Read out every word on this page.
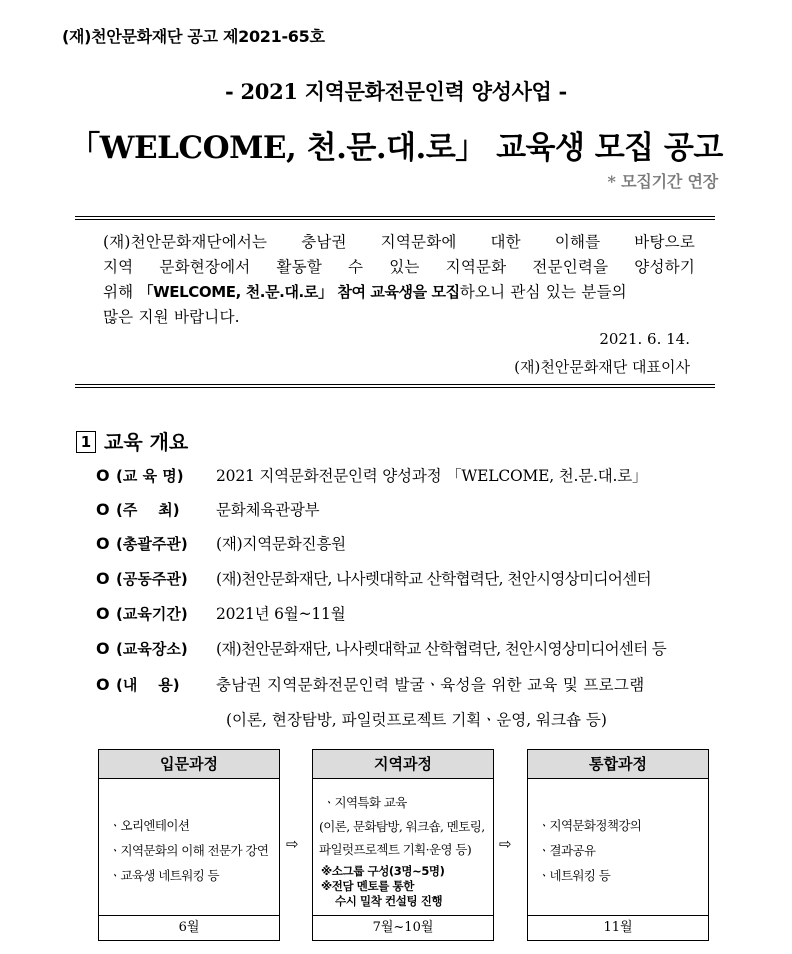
(재)천안문화재단 공고 제2021-65호
- 2021 지역문화전문인력 양성사업 -
「WELCOME, 천.문.대.로」 교육생 모집 공고
* 모집기간 연장
(재)천안문화재단에서는 충남권 지역문화에 대한 이해를 바탕으로
지역 문화현장에서 활동할 수 있는 지역문화 전문인력을 양성하기
위해 「WELCOME, 천.문.대.로」 참여 교육생을 모집하오니 관심 있는 분들의
많은 지원 바랍니다.
2021. 6. 14.
(재)천안문화재단 대표이사
1 교육 개요
O (교 육 명) 2021 지역문화전문인력 양성과정 「WELCOME, 천.문.대.로」
O (주    최) 문화체육관광부
O (총괄주관) (재)지역문화진흥원
O (공동주관) (재)천안문화재단, 나사렛대학교 산학협력단, 천안시영상미디어센터
O (교육기간) 2021년 6월~11월
O (교육장소) (재)천안문화재단, 나사렛대학교 산학협력단, 천안시영상미디어센터 등
O (내    용) 충남권 지역문화전문인력 발굴ㆍ육성을 위한 교육 및 프로그램
(이론, 현장탐방, 파일럿프로젝트 기획ㆍ운영, 워크숍 등)
입문과정
ㆍ오리엔테이션
ㆍ지역문화의 이해 전문가 강연
ㆍ교육생 네트워킹 등
6월
⇨
지역과정
ㆍ지역특화 교육
(이론, 문화탐방, 워크숍, 멘토링,
파일럿프로젝트 기획·운영 등)
※소그룹 구성(3명~5명)
※전담 멘토를 통한
수시 밀착 컨설팅 진행
7월~10월
⇨
통합과정
ㆍ지역문화정책강의
ㆍ결과공유
ㆍ네트워킹 등
11월
